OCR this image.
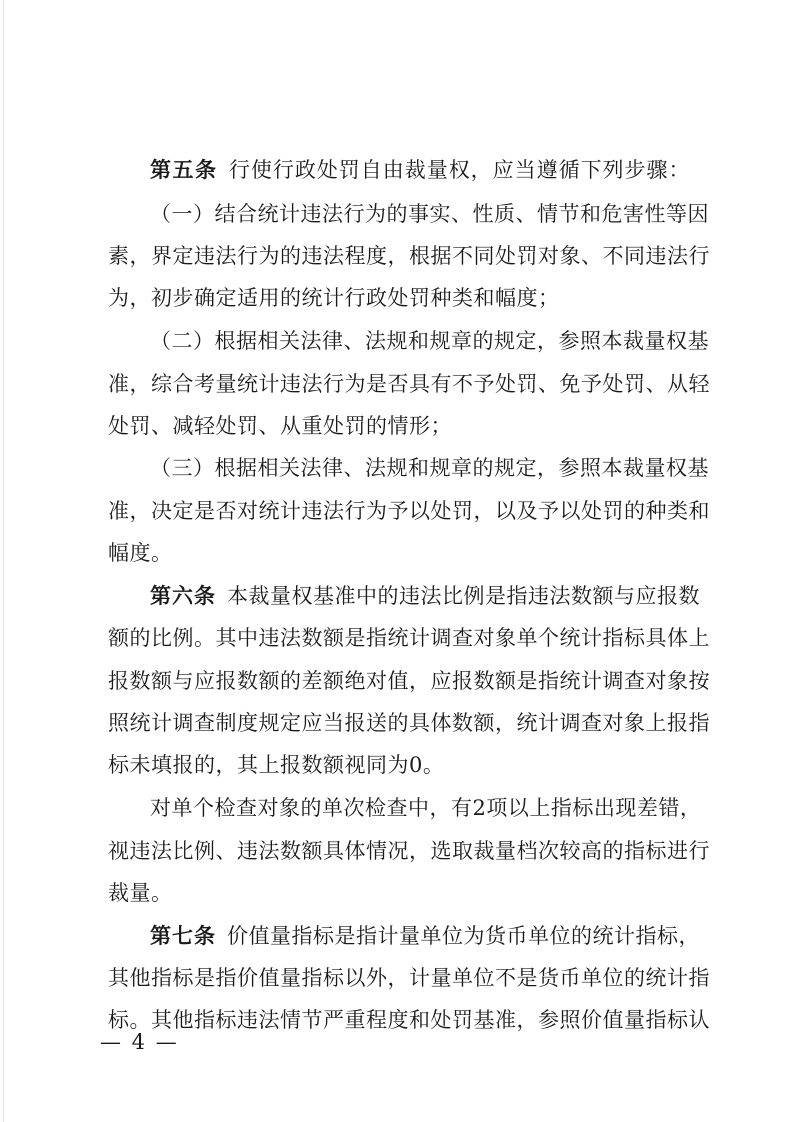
第五条  行使行政处罚自由裁量权，应当遵循下列步骤：
（一）结合统计违法行为的事实、性质、情节和危害性等因
素，界定违法行为的违法程度，根据不同处罚对象、不同违法行
为，初步确定适用的统计行政处罚种类和幅度；
（二）根据相关法律、法规和规章的规定，参照本裁量权基
准，综合考量统计违法行为是否具有不予处罚、免予处罚、从轻
处罚、减轻处罚、从重处罚的情形；
（三）根据相关法律、法规和规章的规定，参照本裁量权基
准，决定是否对统计违法行为予以处罚，以及予以处罚的种类和
幅度。
第六条  本裁量权基准中的违法比例是指违法数额与应报数
额的比例。其中违法数额是指统计调查对象单个统计指标具体上
报数额与应报数额的差额绝对值，应报数额是指统计调查对象按
照统计调查制度规定应当报送的具体数额，统计调查对象上报指
标未填报的，其上报数额视同为0。
对单个检查对象的单次检查中，有2项以上指标出现差错，
视违法比例、违法数额具体情况，选取裁量档次较高的指标进行
裁量。
第七条  价值量指标是指计量单位为货币单位的统计指标，
其他指标是指价值量指标以外，计量单位不是货币单位的统计指
标。其他指标违法情节严重程度和处罚基准，参照价值量指标认
— 4 —
